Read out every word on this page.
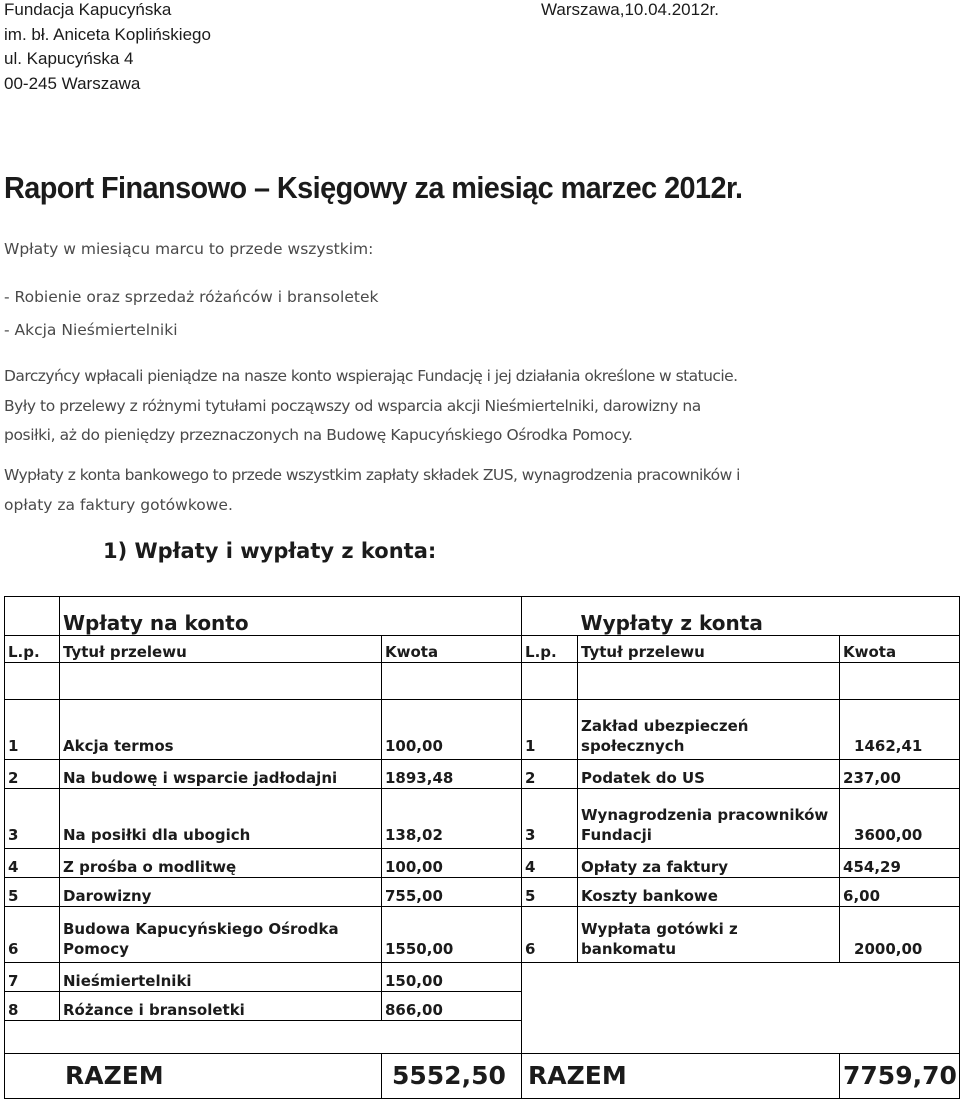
Fundacja Kapucyńska
im. bł. Aniceta Koplińskiego
ul. Kapucyńska 4
00-245 Warszawa
Warszawa,10.04.2012r.
Raport Finansowo – Księgowy za miesiąc marzec 2012r.
Wpłaty w miesiącu marcu to przede wszystkim:
- Robienie oraz sprzedaż różańców i bransoletek
- Akcja Nieśmiertelniki
Darczyńcy wpłacali pieniądze na nasze konto wspierając Fundację i jej działania określone w statucie.
Były to przelewy z różnymi tytułami począwszy od wsparcia akcji Nieśmiertelniki, darowizny na
posiłki, aż do pieniędzy przeznaczonych na Budowę Kapucyńskiego Ośrodka Pomocy.
Wypłaty z konta bankowego to przede wszystkim zapłaty składek ZUS, wynagrodzenia pracowników i
opłaty za faktury gotówkowe.
1) Wpłaty i wypłaty z konta:
	Wpłaty na konto			Wypłaty z konta	
L.p.	Tytuł przelewu	Kwota	L.p.	Tytuł przelewu	Kwota

1	Akcja termos	100,00	1	Zakład ubezpieczeń społecznych	1462,41
2	Na budowę i wsparcie jadłodajni	1893,48	2	Podatek do US	237,00
3	Na posiłki dla ubogich	138,02	3	Wynagrodzenia pracowników Fundacji	3600,00
4	Z prośba o modlitwę	100,00	4	Opłaty za faktury	454,29
5	Darowizny	755,00	5	Koszty bankowe	6,00
6	Budowa Kapucyńskiego Ośrodka Pomocy	1550,00	6	Wypłata gotówki z bankomatu	2000,00
7	Nieśmiertelniki	150,00			
8	Różance i bransoletki	866,00			

RAZEM		5552,50	RAZEM		7759,70
